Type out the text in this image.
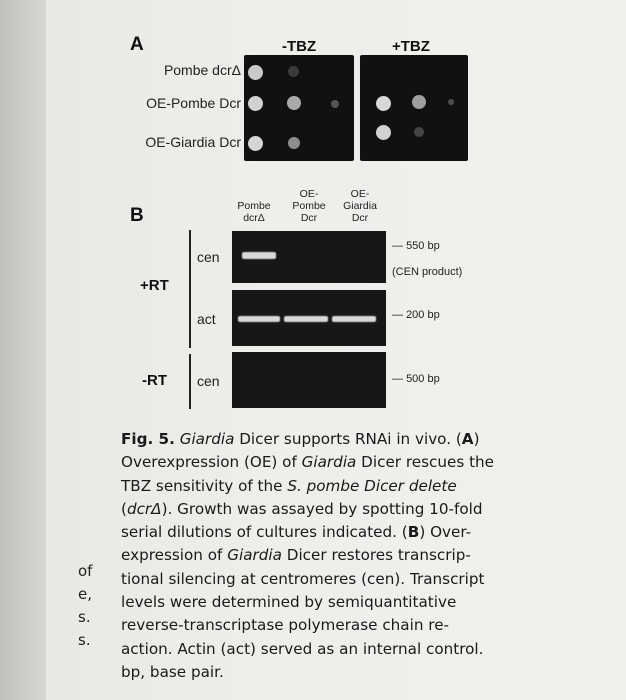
A	-TBZ	+TBZ
Pombe dcrΔ
OE-Pombe Dcr
OE-Giardia Dcr
B
	Pombe
dcrΔ
OE-
Pombe
Dcr
OE-
Giardia
Dcr
+RT
-RT
cen
act
cen
— 550 bp
(CEN product)
— 200 bp
— 500 bp

Fig. 5. Giardia Dicer supports RNAi in vivo. (A) Overexpression (OE) of Giardia Dicer rescues the TBZ sensitivity of the S. pombe Dicer delete (dcrΔ). Growth was assayed by spotting 10-fold serial dilutions of cultures indicated. (B) Over-expression of Giardia Dicer restores transcrip-tional silencing at centromeres (cen). Transcript levels were determined by semiquantitative reverse-transcriptase polymerase chain re-action. Actin (act) served as an internal control. bp, base pair.

of
e,
s.
s.
